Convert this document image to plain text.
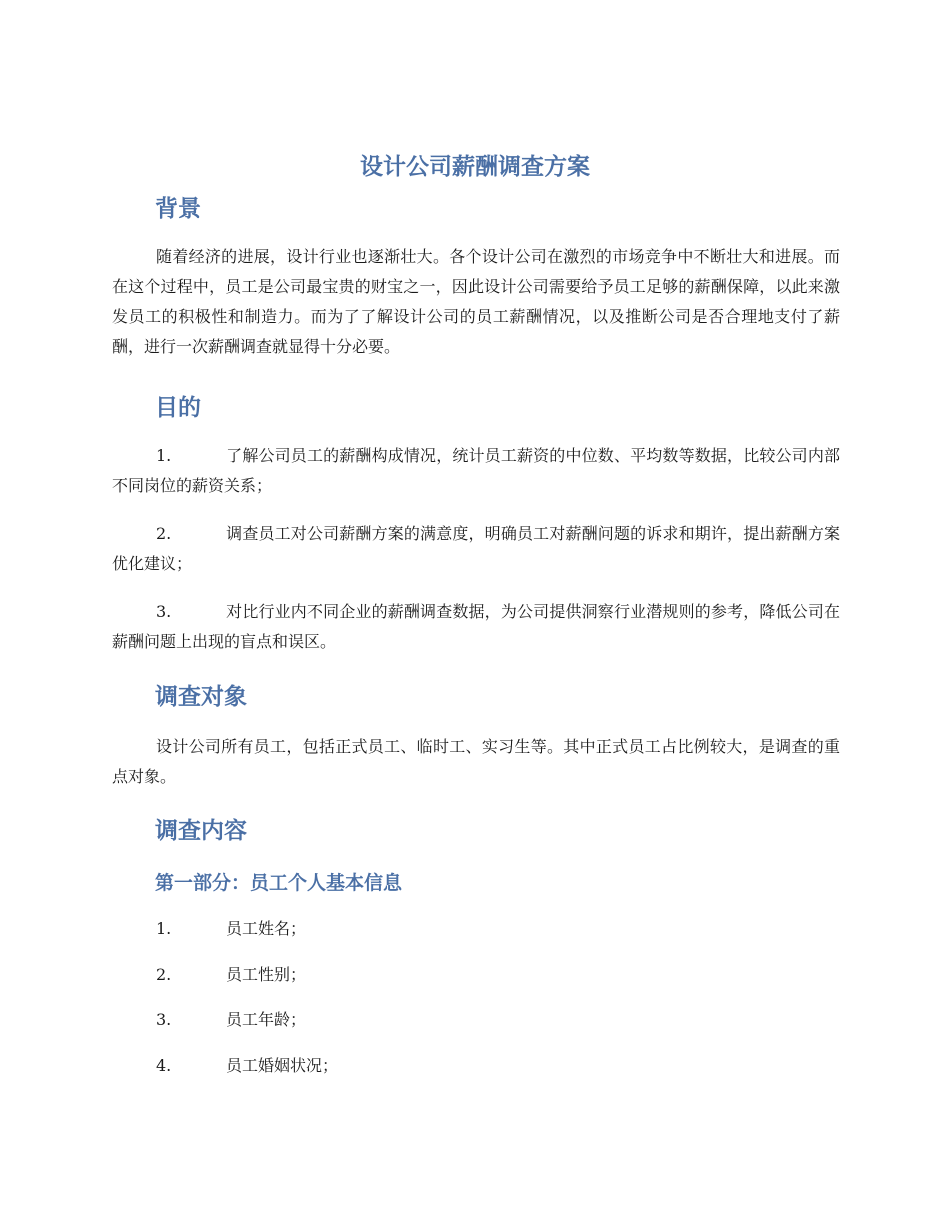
设计公司薪酬调查方案
背景

随着经济的进展，设计行业也逐渐壮大。各个设计公司在激烈的市场竞争中不断壮大和进展。而在这个过程中，员工是公司最宝贵的财宝之一，因此设计公司需要给予员工足够的薪酬保障，以此来激发员工的积极性和制造力。而为了了解设计公司的员工薪酬情况，以及推断公司是否合理地支付了薪酬，进行一次薪酬调查就显得十分必要。

目的

1.	了解公司员工的薪酬构成情况，统计员工薪资的中位数、平均数等数据，比较公司内部不同岗位的薪资关系；

2.	调查员工对公司薪酬方案的满意度，明确员工对薪酬问题的诉求和期许，提出薪酬方案优化建议；

3.	对比行业内不同企业的薪酬调查数据，为公司提供洞察行业潜规则的参考，降低公司在薪酬问题上出现的盲点和误区。

调查对象

设计公司所有员工，包括正式员工、临时工、实习生等。其中正式员工占比例较大，是调查的重点对象。

调查内容
第一部分：员工个人基本信息

1.	员工姓名；

2.	员工性别；

3.	员工年龄；

4.	员工婚姻状况；
